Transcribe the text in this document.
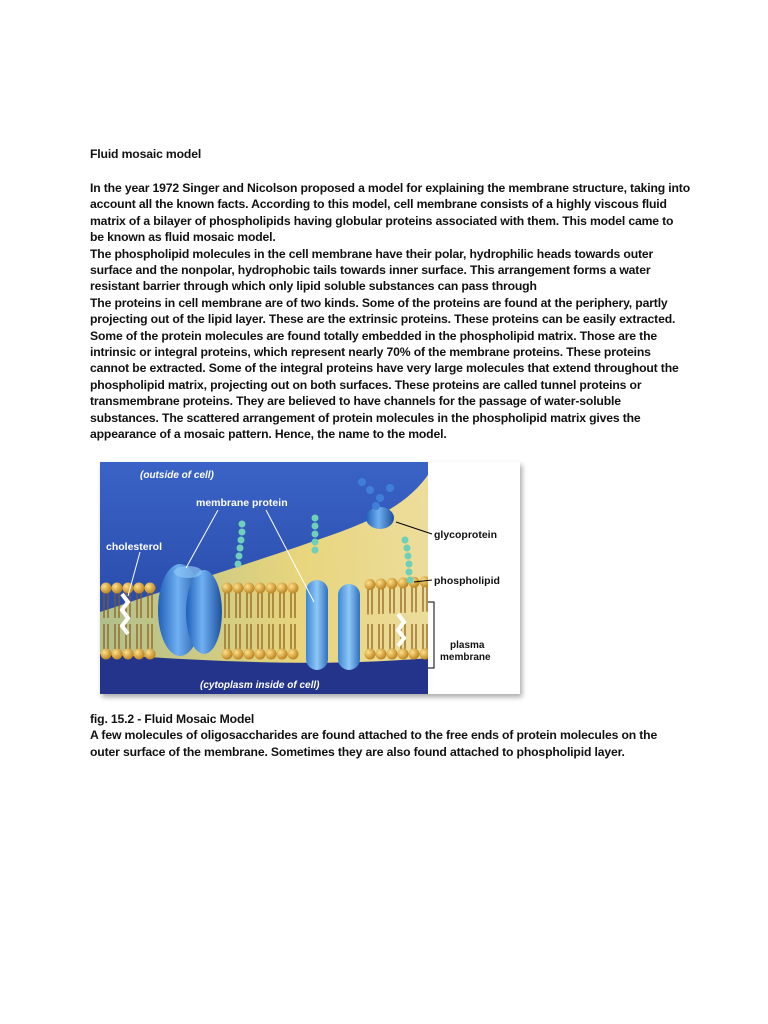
Fluid mosaic model

In the year 1972 Singer and Nicolson proposed a model for explaining the membrane structure, taking into account all the known facts. According to this model, cell membrane consists of a highly viscous fluid matrix of a bilayer of phospholipids having globular proteins associated with them. This model came to be known as fluid mosaic model.

The phospholipid molecules in the cell membrane have their polar, hydrophilic heads towards outer surface and the nonpolar, hydrophobic tails towards inner surface. This arrangement forms a water resistant barrier through which only lipid soluble substances can pass through

The proteins in cell membrane are of two kinds. Some of the proteins are found at the periphery, partly projecting out of the lipid layer. These are the extrinsic proteins. These proteins can be easily extracted. Some of the protein molecules are found totally embedded in the phospholipid matrix. Those are the intrinsic or integral proteins, which represent nearly 70% of the membrane proteins. These proteins cannot be extracted. Some of the integral proteins have very large molecules that extend throughout the phospholipid matrix, projecting out on both surfaces. These proteins are called tunnel proteins or transmembrane proteins. They are believed to have channels for the passage of water-soluble substances. The scattered arrangement of protein molecules in the phospholipid matrix gives the appearance of a mosaic pattern. Hence, the name to the model.

(outside of cell)
membrane protein
cholesterol
glycoprotein
phospholipid
plasma
membrane
(cytoplasm inside of cell)

fig. 15.2 - Fluid Mosaic Model

A few molecules of oligosaccharides are found attached to the free ends of protein molecules on the outer surface of the membrane. Sometimes they are also found attached to phospholipid layer.
